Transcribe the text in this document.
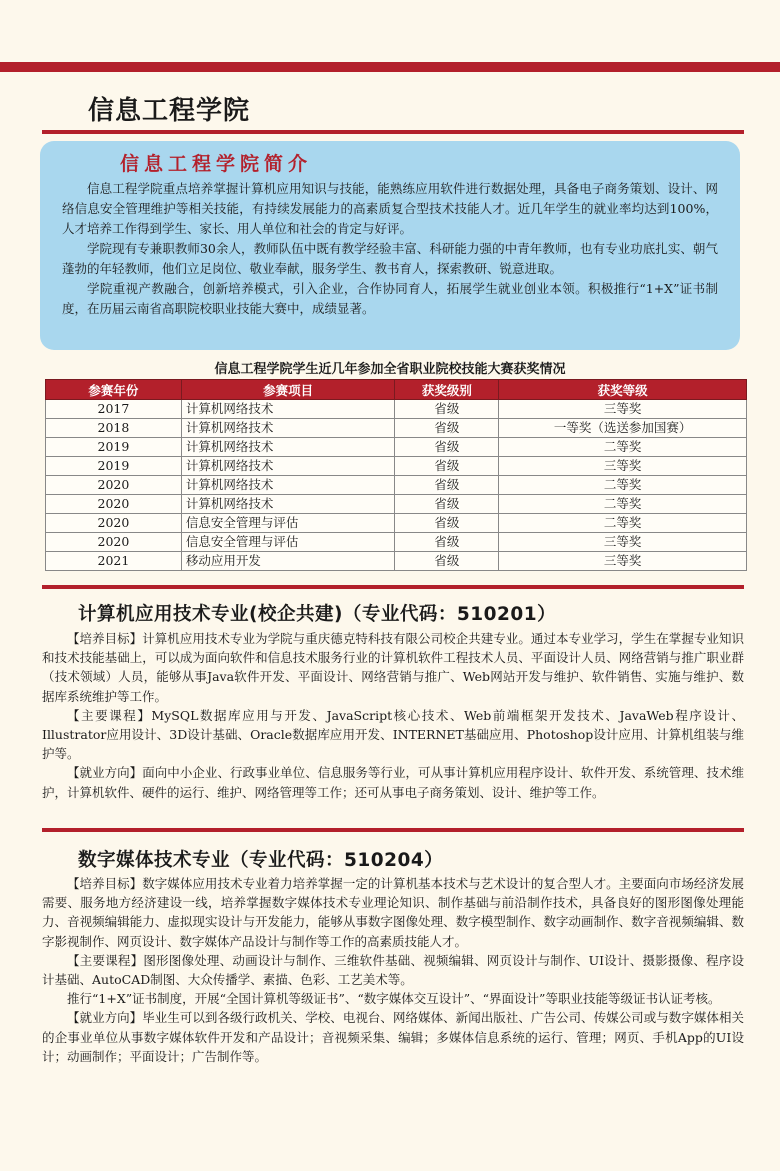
信息工程学院
信息工程学院简介

信息工程学院重点培养掌握计算机应用知识与技能，能熟练应用软件进行数据处理，具备电子商务策划、设计、网络信息安全管理维护等相关技能，有持续发展能力的高素质复合型技术技能人才。近几年学生的就业率均达到100%，人才培养工作得到学生、家长、用人单位和社会的肯定与好评。

学院现有专兼职教师30余人，教师队伍中既有教学经验丰富、科研能力强的中青年教师，也有专业功底扎实、朝气蓬勃的年轻教师，他们立足岗位、敬业奉献，服务学生、教书育人，探索教研、锐意进取。

学院重视产教融合，创新培养模式，引入企业，合作协同育人，拓展学生就业创业本领。积极推行“1+X”证书制度，在历届云南省高职院校职业技能大赛中，成绩显著。

信息工程学院学生近几年参加全省职业院校技能大赛获奖情况
参赛年份	参赛项目	获奖级别	获奖等级
2017	计算机网络技术	省级	三等奖
2018	计算机网络技术	省级	一等奖（选送参加国赛）
2019	计算机网络技术	省级	二等奖
2019	计算机网络技术	省级	三等奖
2020	计算机网络技术	省级	二等奖
2020	计算机网络技术	省级	二等奖
2020	信息安全管理与评估	省级	二等奖
2020	信息安全管理与评估	省级	三等奖
2021	移动应用开发	省级	三等奖
计算机应用技术专业(校企共建)（专业代码：510201）

【培养目标】计算机应用技术专业为学院与重庆德克特科技有限公司校企共建专业。通过本专业学习，学生在掌握专业知识和技术技能基础上，可以成为面向软件和信息技术服务行业的计算机软件工程技术人员、平面设计人员、网络营销与推广职业群（技术领域）人员，能够从事Java软件开发、平面设计、网络营销与推广、Web网站开发与维护、软件销售、实施与维护、数据库系统维护等工作。

【主要课程】MySQL数据库应用与开发、JavaScript核心技术、Web前端框架开发技术、JavaWeb程序设计、Illustrator应用设计、3D设计基础、Oracle数据库应用开发、INTERNET基础应用、Photoshop设计应用、计算机组装与维护等。

【就业方向】面向中小企业、行政事业单位、信息服务等行业，可从事计算机应用程序设计、软件开发、系统管理、技术维护，计算机软件、硬件的运行、维护、网络管理等工作；还可从事电子商务策划、设计、维护等工作。

数字媒体技术专业（专业代码：510204）

【培养目标】数字媒体应用技术专业着力培养掌握一定的计算机基本技术与艺术设计的复合型人才。主要面向市场经济发展需要、服务地方经济建设一线，培养掌握数字媒体技术专业理论知识、制作基础与前沿制作技术，具备良好的图形图像处理能力、音视频编辑能力、虚拟现实设计与开发能力，能够从事数字图像处理、数字模型制作、数字动画制作、数字音视频编辑、数字影视制作、网页设计、数字媒体产品设计与制作等工作的高素质技能人才。

【主要课程】图形图像处理、动画设计与制作、三维软件基础、视频编辑、网页设计与制作、UI设计、摄影摄像、程序设计基础、AutoCAD制图、大众传播学、素描、色彩、工艺美术等。

推行“1+X”证书制度，开展“全国计算机等级证书”、“数字媒体交互设计”、“界面设计”等职业技能等级证书认证考核。

【就业方向】毕业生可以到各级行政机关、学校、电视台、网络媒体、新闻出版社、广告公司、传媒公司或与数字媒体相关的企事业单位从事数字媒体软件开发和产品设计；音视频采集、编辑；多媒体信息系统的运行、管理；网页、手机App的UI设计；动画制作；平面设计；广告制作等。
